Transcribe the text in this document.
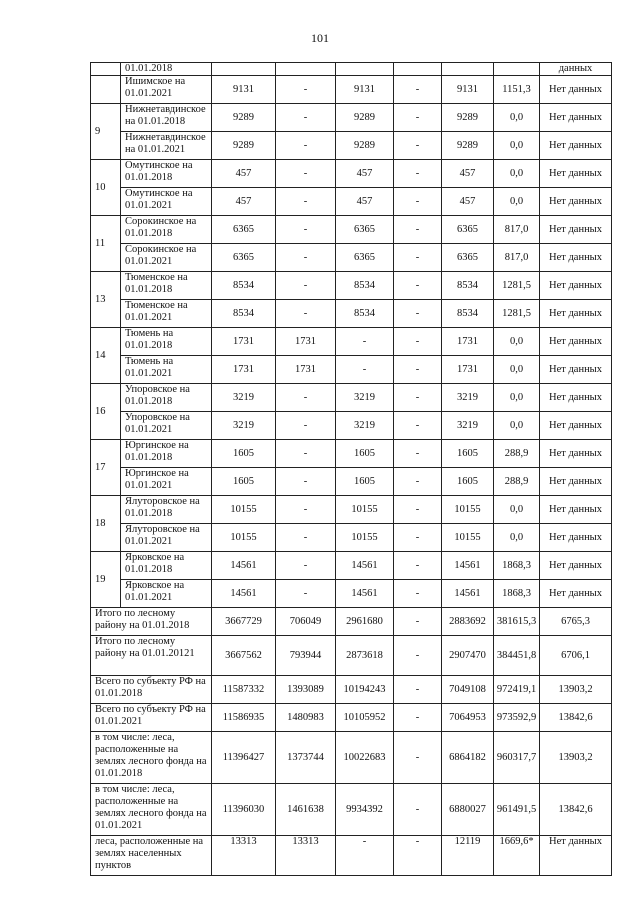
101
	01.01.2018							данных
	Ишимское на 01.01.2021	9131	-	9131	-	9131	1151,3	Нет данных
9	Нижнетавдинское на 01.01.2018	9289	-	9289	-	9289	0,0	Нет данных
	Нижнетавдинское на 01.01.2021	9289	-	9289	-	9289	0,0	Нет данных
10	Омутинское на 01.01.2018	457	-	457	-	457	0,0	Нет данных
	Омутинское на 01.01.2021	457	-	457	-	457	0,0	Нет данных
11	Сорокинское на 01.01.2018	6365	-	6365	-	6365	817,0	Нет данных
	Сорокинское на 01.01.2021	6365	-	6365	-	6365	817,0	Нет данных
13	Тюменское на 01.01.2018	8534	-	8534	-	8534	1281,5	Нет данных
	Тюменское на 01.01.2021	8534	-	8534	-	8534	1281,5	Нет данных
14	Тюмень на 01.01.2018	1731	1731	-	-	1731	0,0	Нет данных
	Тюмень на 01.01.2021	1731	1731	-	-	1731	0,0	Нет данных
16	Упоровское на 01.01.2018	3219	-	3219	-	3219	0,0	Нет данных
	Упоровское на 01.01.2021	3219	-	3219	-	3219	0,0	Нет данных
17	Юргинское на 01.01.2018	1605	-	1605	-	1605	288,9	Нет данных
	Юргинское на 01.01.2021	1605	-	1605	-	1605	288,9	Нет данных
18	Ялуторовское на 01.01.2018	10155	-	10155	-	10155	0,0	Нет данных
	Ялуторовское на 01.01.2021	10155	-	10155	-	10155	0,0	Нет данных
19	Ярковское на 01.01.2018	14561	-	14561	-	14561	1868,3	Нет данных
	Ярковское на 01.01.2021	14561	-	14561	-	14561	1868,3	Нет данных
Итого по лесному району на 01.01.2018		3667729	706049	2961680	-	2883692	381615,3	6765,3
Итого по лесному району на 01.01.20121		3667562	793944	2873618	-	2907470	384451,8	6706,1
Всего по субъекту РФ на 01.01.2018		11587332	1393089	10194243	-	7049108	972419,1	13903,2
Всего по субъекту РФ на 01.01.2021		11586935	1480983	10105952	-	7064953	973592,9	13842,6
в том числе: леса, расположенные на землях лесного фонда на 01.01.2018		11396427	1373744	10022683	-	6864182	960317,7	13903,2
в том числе: леса, расположенные на землях лесного фонда на 01.01.2021		11396030	1461638	9934392	-	6880027	961491,5	13842,6
леса, расположенные на землях населенных пунктов		13313	13313	-	-	12119	1669,6*	Нет данных
